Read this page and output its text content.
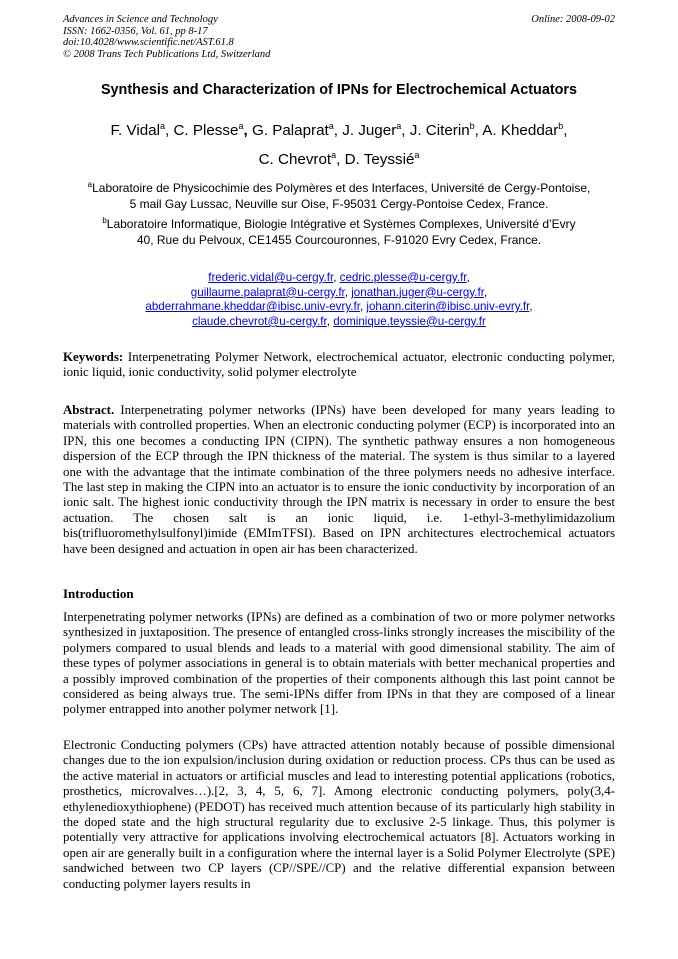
Advances in Science and Technology
ISSN: 1662-0356, Vol. 61, pp 8-17
doi:10.4028/www.scientific.net/AST.61.8
© 2008 Trans Tech Publications Ltd, Switzerland
Online: 2008-09-02
Synthesis and Characterization of IPNs for Electrochemical Actuators
F. Vidal$^a$, C. Plesse$^a$, G. Palaprat$^a$, J. Juger$^a$, J. Citerin$^b$, A. Kheddar$^b$,
C. Chevrot$^a$, D. Teyssié$^a$
$^a$Laboratoire de Physicochimie des Polymères et des Interfaces, Université de Cergy-Pontoise,
5 mail Gay Lussac, Neuville sur Oise, F-95031 Cergy-Pontoise Cedex, France.
$^b$Laboratoire Informatique, Biologie Intégrative et Systèmes Complexes, Université d’Evry
40, Rue du Pelvoux, CE1455 Courcouronnes, F-91020 Evry Cedex, France.
frederic.vidal@u-cergy.fr, cedric.plesse@u-cergy.fr,
guillaume.palaprat@u-cergy.fr, jonathan.juger@u-cergy.fr,
abderrahmane.kheddar@ibisc.univ-evry.fr, johann.citerin@ibisc.univ-evry.fr,
claude.chevrot@u-cergy.fr, dominique.teyssie@u-cergy.fr
Keywords: Interpenetrating Polymer Network, electrochemical actuator, electronic conducting polymer, ionic liquid, ionic conductivity, solid polymer electrolyte
Abstract. Interpenetrating polymer networks (IPNs) have been developed for many years leading to materials with controlled properties. When an electronic conducting polymer (ECP) is incorporated into an IPN, this one becomes a conducting IPN (CIPN). The synthetic pathway ensures a non homogeneous dispersion of the ECP through the IPN thickness of the material. The system is thus similar to a layered one with the advantage that the intimate combination of the three polymers needs no adhesive interface. The last step in making the CIPN into an actuator is to ensure the ionic conductivity by incorporation of an ionic salt. The highest ionic conductivity through the IPN matrix is necessary in order to ensure the best actuation. The chosen salt is an ionic liquid, i.e. 1-ethyl-3-methylimidazolium bis(trifluoromethylsulfonyl)imide (EMImTFSI). Based on IPN architectures electrochemical actuators have been designed and actuation in open air has been characterized.
Introduction
Interpenetrating polymer networks (IPNs) are defined as a combination of two or more polymer networks synthesized in juxtaposition. The presence of entangled cross-links strongly increases the miscibility of the polymers compared to usual blends and leads to a material with good dimensional stability. The aim of these types of polymer associations in general is to obtain materials with better mechanical properties and a possibly improved combination of the properties of their components although this last point cannot be considered as being always true. The semi-IPNs differ from IPNs in that they are composed of a linear polymer entrapped into another polymer network [1].
Electronic Conducting polymers (CPs) have attracted attention notably because of possible dimensional changes due to the ion expulsion/inclusion during oxidation or reduction process. CPs thus can be used as the active material in actuators or artificial muscles and lead to interesting potential applications (robotics, prosthetics, microvalves…).[2, 3, 4, 5, 6, 7]. Among electronic conducting polymers, poly(3,4-ethylenedioxythiophene) (PEDOT) has received much attention because of its particularly high stability in the doped state and the high structural regularity due to exclusive 2-5 linkage. Thus, this polymer is potentially very attractive for applications involving electrochemical actuators [8]. Actuators working in open air are generally built in a configuration where the internal layer is a Solid Polymer Electrolyte (SPE) sandwiched between two CP layers (CP//SPE//CP) and the relative differential expansion between conducting polymer layers results in
